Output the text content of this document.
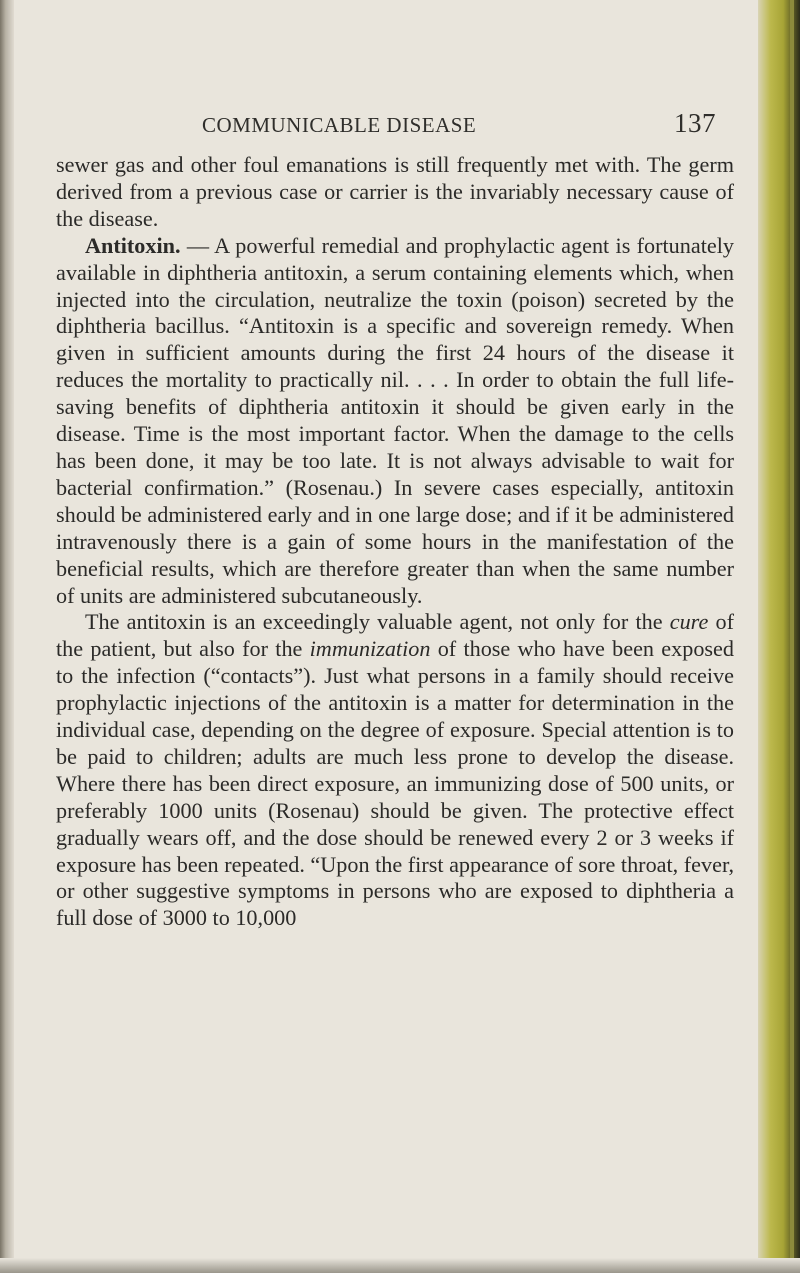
COMMUNICABLE DISEASE	137

sewer gas and other foul emanations is still frequently met with. The germ derived from a previous case or carrier is the invariably necessary cause of the disease.

Antitoxin. — A powerful remedial and prophylactic agent is fortunately available in diphtheria antitoxin, a serum containing elements which, when injected into the circulation, neutralize the toxin (poison) secreted by the diphtheria bacillus. “Antitoxin is a specific and sovereign remedy. When given in sufficient amounts during the first 24 hours of the disease it reduces the mortality to practically nil. . . . In order to obtain the full life-saving benefits of diphtheria antitoxin it should be given early in the disease. Time is the most important factor. When the damage to the cells has been done, it may be too late. It is not always advisable to wait for bacterial confirmation.” (Rosenau.) In severe cases especially, antitoxin should be administered early and in one large dose; and if it be administered intravenously there is a gain of some hours in the manifestation of the beneficial results, which are therefore greater than when the same number of units are administered subcutaneously.

The antitoxin is an exceedingly valuable agent, not only for the cure of the patient, but also for the immunization of those who have been exposed to the infection (“contacts”). Just what persons in a family should receive prophylactic injections of the antitoxin is a matter for determination in the individual case, depending on the degree of exposure. Special attention is to be paid to children; adults are much less prone to develop the disease. Where there has been direct exposure, an immunizing dose of 500 units, or preferably 1000 units (Rosenau) should be given. The protective effect gradually wears off, and the dose should be renewed every 2 or 3 weeks if exposure has been repeated. “Upon the first appearance of sore throat, fever, or other suggestive symptoms in persons who are exposed to diphtheria a full dose of 3000 to 10,000
